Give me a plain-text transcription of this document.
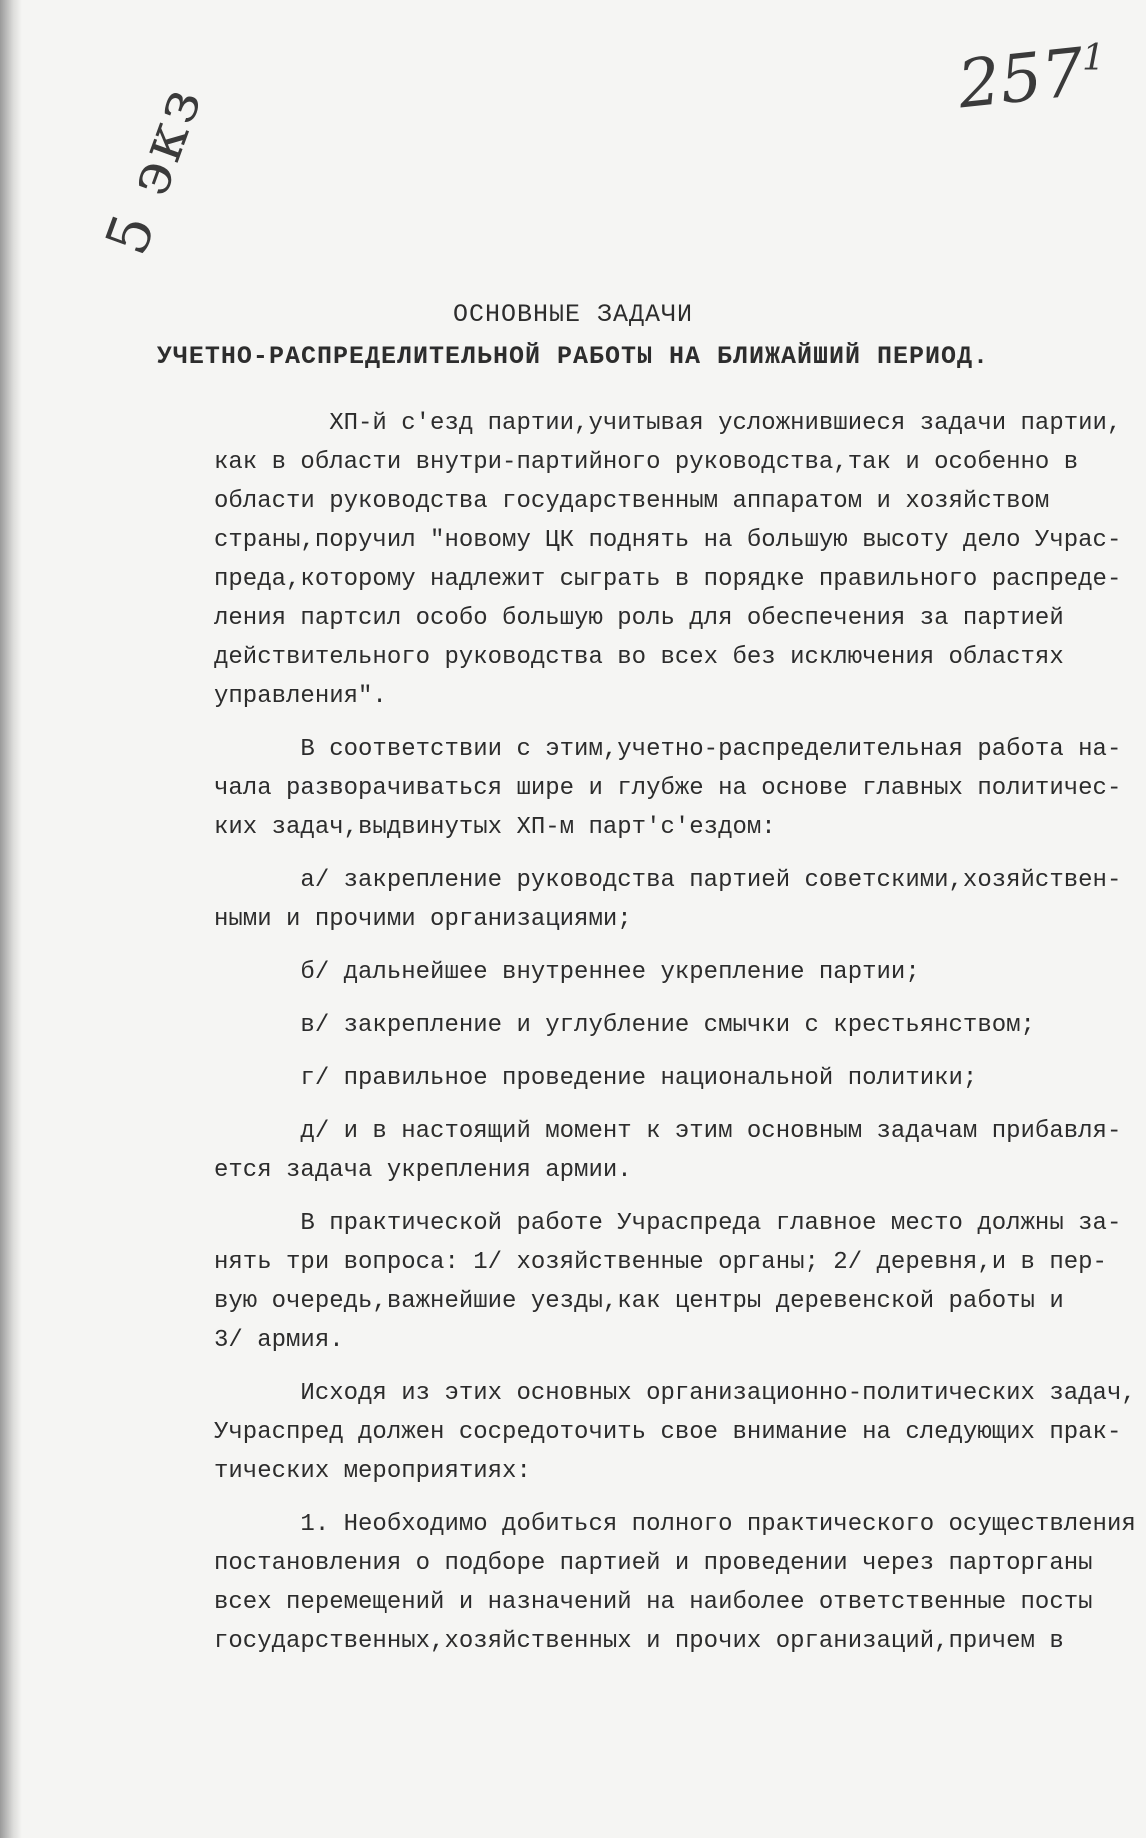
5 экз	257
1
ОСНОВНЫЕ ЗАДАЧИ
УЧЕТНО-РАСПРЕДЕЛИТЕЛЬНОЙ РАБОТЫ НА БЛИЖАЙШИЙ ПЕРИОД.
ХП-й с'езд партии,учитывая усложнившиеся задачи партии,
как в области внутри-партийного руководства,так и особенно в
области руководства государственным аппаратом и хозяйством
страны,поручил "новому ЦК поднять на большую высоту дело Учрас-
преда,которому надлежит сыграть в порядке правильного распреде-
ления партсил особо большую роль для обеспечения за партией
действительного руководства во всех без исключения областях
управления".
В соответствии с этим,учетно-распределительная работа на-
чала разворачиваться шире и глубже на основе главных политичес-
ких задач,выдвинутых ХП-м парт'с'ездом:
а/ закрепление руководства партией советскими,хозяйствен-
ными и прочими организациями;
б/ дальнейшее внутреннее укрепление партии;
в/ закрепление и углубление смычки с крестьянством;
г/ правильное проведение национальной политики;
д/ и в настоящий момент к этим основным задачам прибавля-
ется задача укрепления армии.
В практической работе Учраспреда главное место должны за-
нять три вопроса: 1/ хозяйственные органы; 2/ деревня,и в пер-
вую очередь,важнейшие уезды,как центры деревенской работы и
3/ армия.
Исходя из этих основных организационно-политических задач,
Учраспред должен сосредоточить свое внимание на следующих прак-
тических мероприятиях:
1. Необходимо добиться полного практического осуществления
постановления о подборе партией и проведении через парторганы
всех перемещений и назначений на наиболее ответственные посты
государственных,хозяйственных и прочих организаций,причем в
